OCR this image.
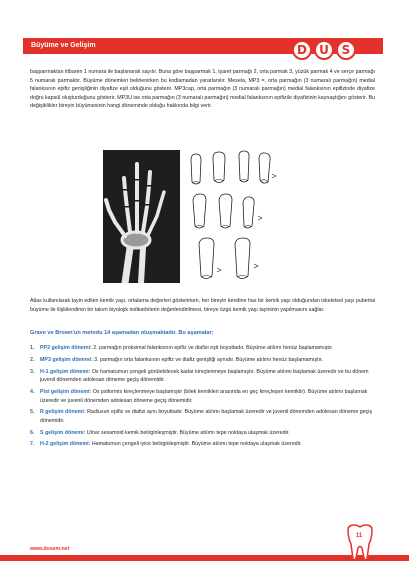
Büyüme ve Gelişim	D	U	S

başparmaktan itibaren 1 numara ile başlanarak sayılır. Buna göre başparmak 1, işaret parmağı 2, orta parmak 3, yüzük parmak 4 ve serçe parmağı 5 numaralı parmaktır. Büyüme dönemleri belirlenirken bu kodlamadan yararlanılır. Mesela, MP3 =, orta parmağın (3 numaralı parmağın) medial falanksının epifiz genişliğinin diyafize eşit olduğunu gösterir. MP3cap, orta parmağın (3 numaralı parmağın) medial falanksının epifizinde diyafize doğru kapsül oluşturduğunu gösterir. MP3U ise orta parmağın (3 numaralı parmağın) medial falanksının epifizile diyafizinin kaynaştığını gösterir. Bu değişiklikler bireyin büyümesinin hangi döneminde olduğu hakkında bilgi verir.

Atlas kullanılarak tayin edilen kemik yaşı, ortalama değerleri gösterirken, her bireyin kendine has bir kemik yaşı olduğundan iskeletsel yaşı pubertal büyüme ile ilişkilendiren bir takım biyolojik indikatörlerin değerlendirilmesi, bireye özgü kemik yaşı tayininin yapılmasını sağlar.

Grave ve Brown'un metodu 14 aşamadan oluşmaktadır. Bu aşamalar;
1. PP2 gelişim dönemi: 2. parmağın proksimal falanksının epifiz ve diafizi eşit boyuttadır. Büyüme atılımı henüz başlamamıştır.
2. MP3 gelişim dönemi: 3. parmağın orta falanksının epifiz ve diafiz genişliği aynıdır. Büyüme atılımı henüz başlamamıştır.
3. H-1 gelişim dönemi: Os hamatumun çengeli görülebilecek kadar kireçlenmeye başlamıştır. Büyüme atılımı başlamak üzeredir ve bu dönem juvenil dönemden adolesan döneme geçiş dönemidir.
4. Pisi gelişim dönemi: Os psiformis kireçlenmeye başlamıştır (bilek kemikleri arasında en geç kireçleşen kemiktir). Büyüme atılımı başlamak üzeredir ve juvenil dönemden adolesan döneme geçiş dönemidir.
5. R gelişim dönemi: Radiusun epifiz ve diafizi aynı boyuttadır. Büyüme atılımı başlamak üzeredir ve juvenil dönemden adolesan döneme geçiş dönemidir.
6. S gelişim dönemi: Ulnar sesamoid kemik belirginleşmiştir. Büyüme atılımı tepe noktaya ulaşmak üzeredir.
7. H-2 gelişim dönemi: Hamatumun çengeli iyice belirginleşmiştir. Büyüme atılımı tepe noktaya ulaşmak üzeredir.
www.dusem.net
11
